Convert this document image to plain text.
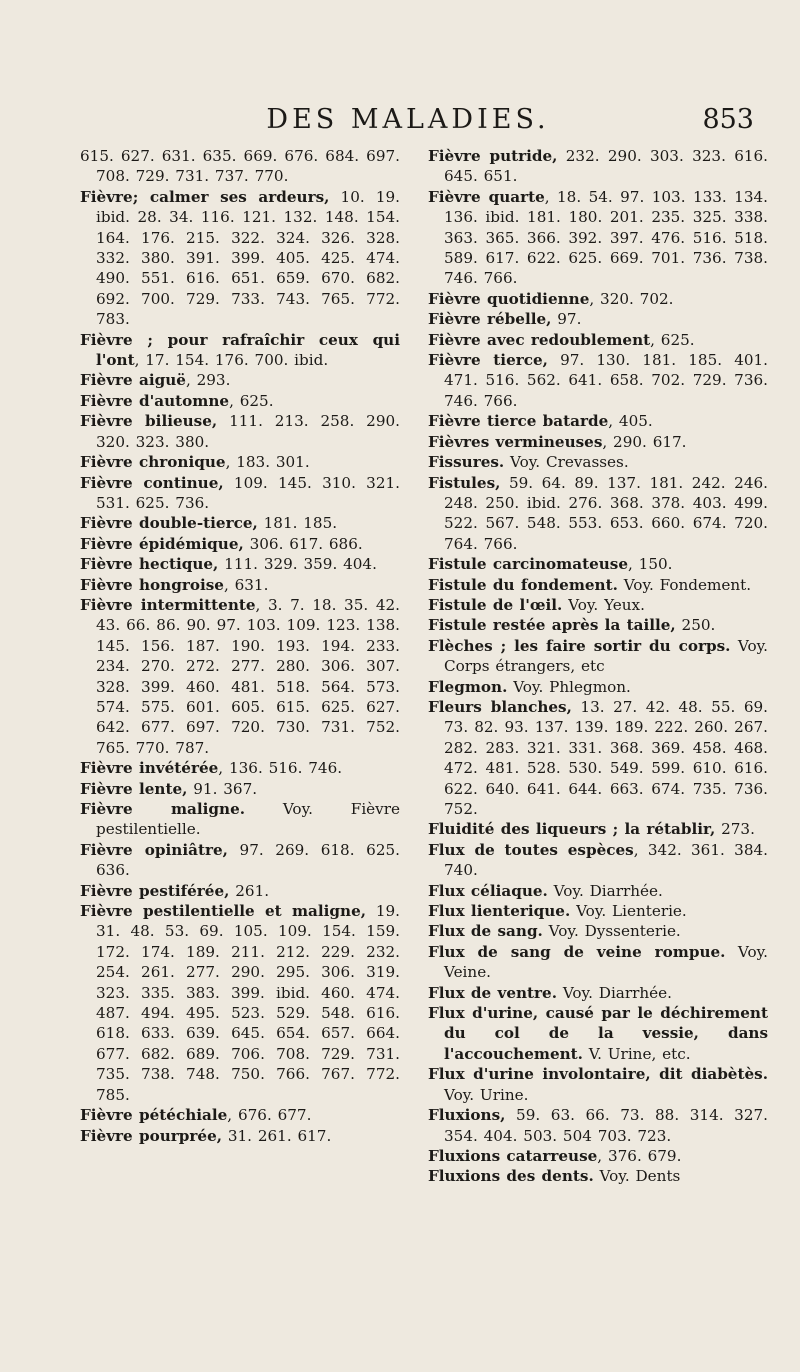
DES MALADIES.	853

615. 627. 631. 635. 669. 676. 684. 697. 708. 729. 731. 737. 770.

Fièvre; calmer ses ardeurs, 10. 19. ibid. 28. 34. 116. 121. 132. 148. 154. 164. 176. 215. 322. 324. 326. 328. 332. 380. 391. 399. 405. 425. 474. 490. 551. 616. 651. 659. 670. 682. 692. 700. 729. 733. 743. 765. 772. 783.

Fièvre ; pour rafraîchir ceux qui l'ont, 17. 154. 176. 700. ibid.

Fièvre aiguë, 293.

Fièvre d'automne, 625.

Fièvre bilieuse, 111. 213. 258. 290. 320. 323. 380.

Fièvre chronique, 183. 301.

Fièvre continue, 109. 145. 310. 321. 531. 625. 736.

Fièvre double-tierce, 181. 185.

Fièvre épidémique, 306. 617. 686.

Fièvre hectique, 111. 329. 359. 404.

Fièvre hongroise, 631.

Fièvre intermittente, 3. 7. 18. 35. 42. 43. 66. 86. 90. 97. 103. 109. 123. 138. 145. 156. 187. 190. 193. 194. 233. 234. 270. 272. 277. 280. 306. 307. 328. 399. 460. 481. 518. 564. 573. 574. 575. 601. 605. 615. 625. 627. 642. 677. 697. 720. 730. 731. 752. 765. 770. 787.

Fièvre invétérée, 136. 516. 746.

Fièvre lente, 91. 367.

Fièvre maligne. Voy. Fièvre pestilentielle.

Fièvre opiniâtre, 97. 269. 618. 625. 636.

Fièvre pestiférée, 261.

Fièvre pestilentielle et maligne, 19. 31. 48. 53. 69. 105. 109. 154. 159. 172. 174. 189. 211. 212. 229. 232. 254. 261. 277. 290. 295. 306. 319. 323. 335. 383. 399. ibid. 460. 474. 487. 494. 495. 523. 529. 548. 616. 618. 633. 639. 645. 654. 657. 664. 677. 682. 689. 706. 708. 729. 731. 735. 738. 748. 750. 766. 767. 772. 785.

Fièvre pétéchiale, 676. 677.

Fièvre pourprée, 31. 261. 617.

Fièvre putride, 232. 290. 303. 323. 616. 645. 651.

Fièvre quarte, 18. 54. 97. 103. 133. 134. 136. ibid. 181. 180. 201. 235. 325. 338. 363. 365. 366. 392. 397. 476. 516. 518. 589. 617. 622. 625. 669. 701. 736. 738. 746. 766.

Fièvre quotidienne, 320. 702.

Fièvre rébelle, 97.

Fièvre avec redoublement, 625.

Fièvre tierce, 97. 130. 181. 185. 401. 471. 516. 562. 641. 658. 702. 729. 736. 746. 766.

Fièvre tierce batarde, 405.

Fièvres vermineuses, 290. 617.

Fissures. Voy. Crevasses.

Fistules, 59. 64. 89. 137. 181. 242. 246. 248. 250. ibid. 276. 368. 378. 403. 499. 522. 567. 548. 553. 653. 660. 674. 720. 764. 766.

Fistule carcinomateuse, 150.

Fistule du fondement. Voy. Fondement.

Fistule de l'œil. Voy. Yeux.

Fistule restée après la taille, 250.

Flèches ; les faire sortir du corps. Voy. Corps étrangers, etc

Flegmon. Voy. Phlegmon.

Fleurs blanches, 13. 27. 42. 48. 55. 69. 73. 82. 93. 137. 139. 189. 222. 260. 267. 282. 283. 321. 331. 368. 369. 458. 468. 472. 481. 528. 530. 549. 599. 610. 616. 622. 640. 641. 644. 663. 674. 735. 736. 752.

Fluidité des liqueurs ; la rétablir, 273.

Flux de toutes espèces, 342. 361. 384. 740.

Flux céliaque. Voy. Diarrhée.

Flux lienterique. Voy. Lienterie.

Flux de sang. Voy. Dyssenterie.

Flux de sang de veine rompue. Voy. Veine.

Flux de ventre. Voy. Diarrhée.

Flux d'urine, causé par le déchirement du col de la vessie, dans l'accouchement. V. Urine, etc.

Flux d'urine involontaire, dit diabètès. Voy. Urine.

Fluxions, 59. 63. 66. 73. 88. 314. 327. 354. 404. 503. 504 703. 723.

Fluxions catarreuse, 376. 679.

Fluxions des dents. Voy. Dents
